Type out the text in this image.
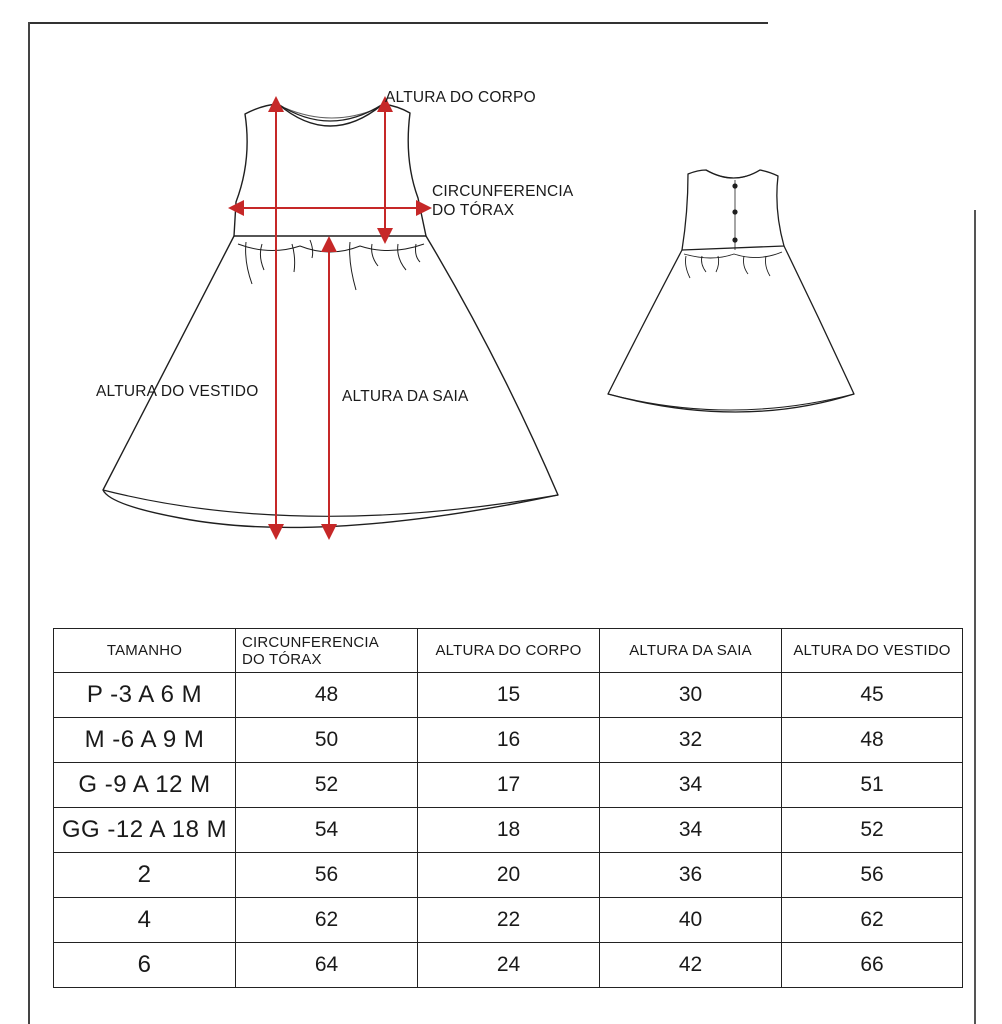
ALTURA DO CORPO
CIRCUNFERENCIA
DO TÓRAX
ALTURA DO VESTIDO	ALTURA DA SAIA
TAMANHO	CIRCUNFERENCIA
DO TÓRAX	ALTURA DO CORPO	ALTURA DA SAIA	ALTURA DO VESTIDO
P -3 A 6 M	48	15	30	45
M -6 A 9 M	50	16	32	48
G -9 A 12 M	52	17	34	51
GG -12 A 18 M	54	18	34	52
2	56	20	36	56
4	62	22	40	62
6	64	24	42	66
